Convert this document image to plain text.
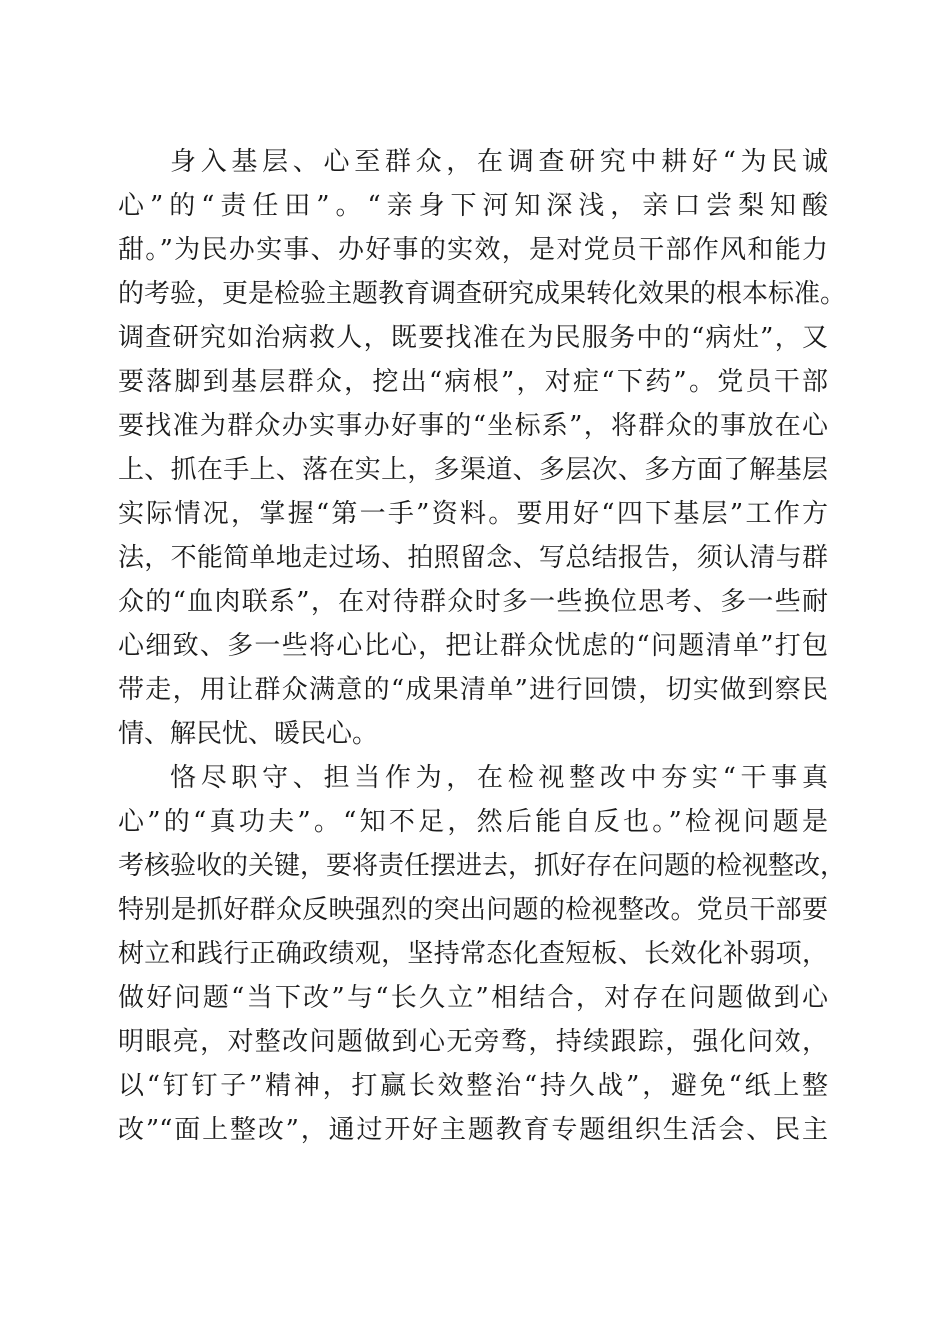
身入基层、心至群众，在调查研究中耕好“为民诚
心”的“责任田”。“亲身下河知深浅，亲口尝梨知酸
甜。”为民办实事、办好事的实效，是对党员干部作风和能力
的考验，更是检验主题教育调查研究成果转化效果的根本标准。
调查研究如治病救人，既要找准在为民服务中的“病灶”，又
要落脚到基层群众，挖出“病根”，对症“下药”。党员干部
要找准为群众办实事办好事的“坐标系”，将群众的事放在心
上、抓在手上、落在实上，多渠道、多层次、多方面了解基层
实际情况，掌握“第一手”资料。要用好“四下基层”工作方
法，不能简单地走过场、拍照留念、写总结报告，须认清与群
众的“血肉联系”，在对待群众时多一些换位思考、多一些耐
心细致、多一些将心比心，把让群众忧虑的“问题清单”打包
带走，用让群众满意的“成果清单”进行回馈，切实做到察民
情、解民忧、暖民心。
恪尽职守、担当作为，在检视整改中夯实“干事真
心”的“真功夫”。“知不足，然后能自反也。”检视问题是
考核验收的关键，要将责任摆进去，抓好存在问题的检视整改，
特别是抓好群众反映强烈的突出问题的检视整改。党员干部要
树立和践行正确政绩观，坚持常态化查短板、长效化补弱项，
做好问题“当下改”与“长久立”相结合，对存在问题做到心
明眼亮，对整改问题做到心无旁骛，持续跟踪，强化问效，
以“钉钉子”精神，打赢长效整治“持久战”，避免“纸上整
改”“面上整改”，通过开好主题教育专题组织生活会、民主
